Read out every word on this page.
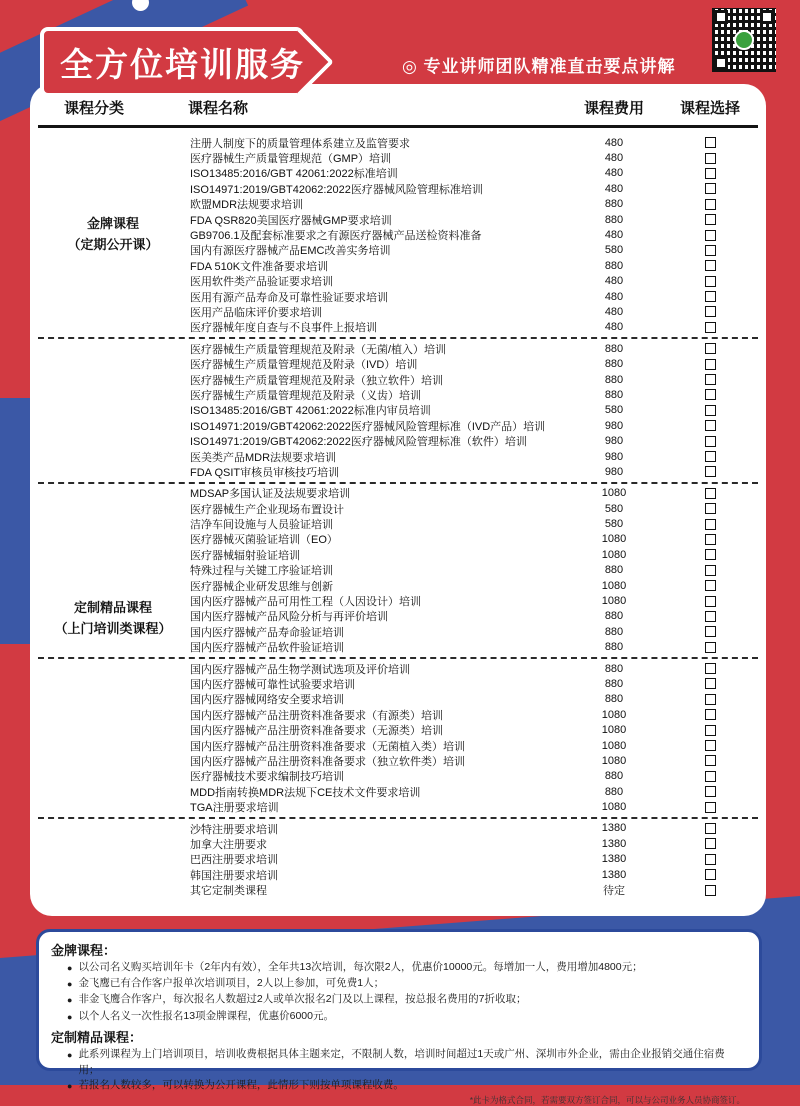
全方位培训服务	◎ 专业讲师团队精准直击要点讲解
课程分类	课程名称	课程费用	课程选择
金牌课程
（定期公开课）
注册人制度下的质量管理体系建立及监管要求	480
医疗器械生产质量管理规范（GMP）培训	480
ISO13485:2016/GBT 42061:2022标准培训	480
ISO14971:2019/GBT42062:2022医疗器械风险管理标准培训	480
欧盟MDR法规要求培训	880
FDA QSR820美国医疗器械GMP要求培训	880
GB9706.1及配套标准要求之有源医疗器械产品送检资料准备	480
国内有源医疗器械产品EMC改善实务培训	580
FDA 510K文件准备要求培训	880
医用软件类产品验证要求培训	480
医用有源产品寿命及可靠性验证要求培训	480
医用产品临床评价要求培训	480
医疗器械年度自查与不良事件上报培训	480
定制精品课程
（上门培训类课程）
医疗器械生产质量管理规范及附录（无菌/植入）培训	880
医疗器械生产质量管理规范及附录（IVD）培训	880
医疗器械生产质量管理规范及附录（独立软件）培训	880
医疗器械生产质量管理规范及附录（义齿）培训	880
ISO13485:2016/GBT 42061:2022标准内审员培训	580
ISO14971:2019/GBT42062:2022医疗器械风险管理标准（IVD产品）培训	980
ISO14971:2019/GBT42062:2022医疗器械风险管理标准（软件）培训	980
医美类产品MDR法规要求培训	980
FDA QSIT审核员审核技巧培训	980
MDSAP多国认证及法规要求培训	1080
医疗器械生产企业现场布置设计	580
洁净车间设施与人员验证培训	580
医疗器械灭菌验证培训（EO）	1080
医疗器械辐射验证培训	1080
特殊过程与关键工序验证培训	880
医疗器械企业研发思维与创新	1080
国内医疗器械产品可用性工程（人因设计）培训	1080
国内医疗器械产品风险分析与再评价培训	880
国内医疗器械产品寿命验证培训	880
国内医疗器械产品软件验证培训	880
国内医疗器械产品生物学测试选项及评价培训	880
国内医疗器械可靠性试验要求培训	880
国内医疗器械网络安全要求培训	880
国内医疗器械产品注册资料准备要求（有源类）培训	1080
国内医疗器械产品注册资料准备要求（无源类）培训	1080
国内医疗器械产品注册资料准备要求（无菌植入类）培训	1080
国内医疗器械产品注册资料准备要求（独立软件类）培训	1080
医疗器械技术要求编制技巧培训	880
MDD指南转换MDR法规下CE技术文件要求培训	880
TGA注册要求培训	1080
沙特注册要求培训	1380
加拿大注册要求	1380
巴西注册要求培训	1380
韩国注册要求培训	1380
其它定制类课程	待定
金牌课程：
● 以公司名义购买培训年卡（2年内有效），全年共13次培训，每次限2人，优惠价10000元。每增加一人，费用增加4800元；
● 金飞鹰已有合作客户报单次培训项目，2人以上参加，可免费1人；
● 非金飞鹰合作客户，每次报名人数超过2人或单次报名2门及以上课程，按总报名费用的7折收取；
● 以个人名义一次性报名13项金牌课程，优惠价6000元。
定制精品课程：
● 此系列课程为上门培训项目，培训收费根据具体主题来定，不限制人数，培训时间超过1天或广州、深圳市外企业，需由企业报销交通住宿费用；
● 若报名人数较多，可以转换为公开课程，此情形下则按单项课程收费。
*此卡为格式合同，若需要双方签订合同，可以与公司业务人员协商签订。
